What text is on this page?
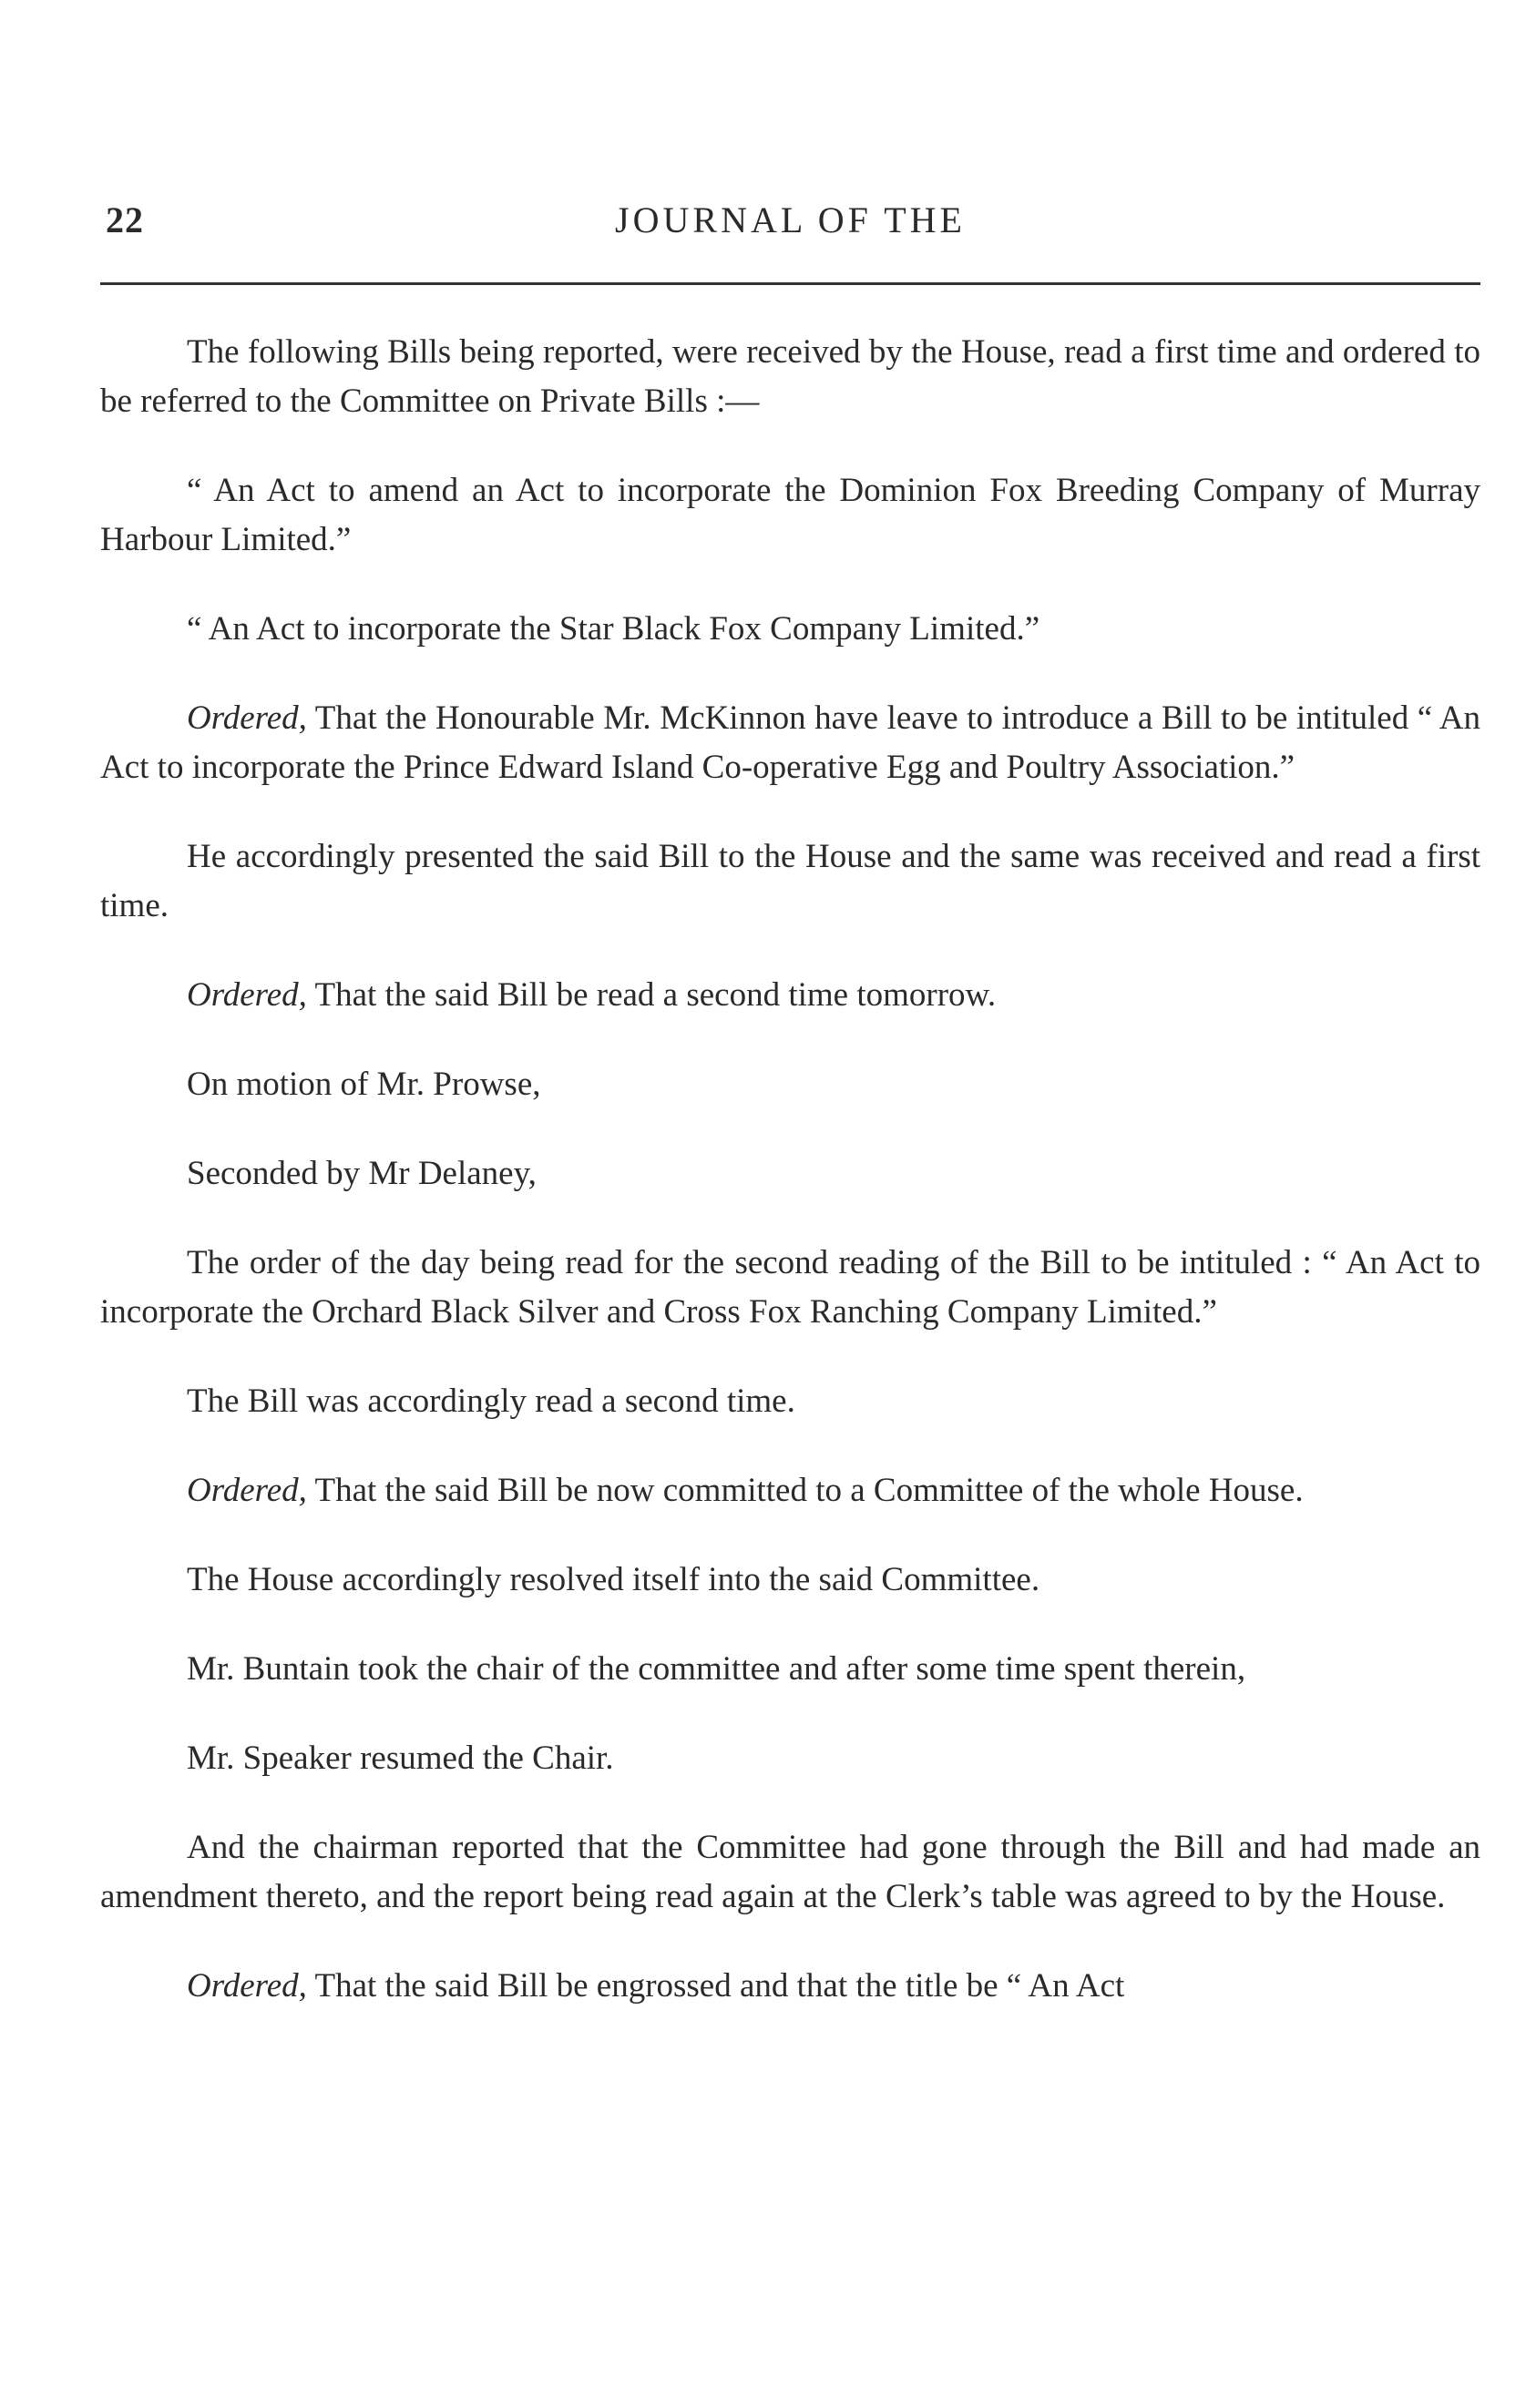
22	JOURNAL OF THE

The following Bills being reported, were received by the House, read a first time and ordered to be referred to the Committee on Private Bills :—

“ An Act to amend an Act to incorporate the Dominion Fox Breeding Company of Murray Harbour Limited.”

“ An Act to incorporate the Star Black Fox Company Limited.”

Ordered, That the Honourable Mr. McKinnon have leave to introduce a Bill to be intituled “ An Act to incorporate the Prince Edward Island Co-operative Egg and Poultry Association.”

He accordingly presented the said Bill to the House and the same was received and read a first time.

Ordered, That the said Bill be read a second time tomorrow.

On motion of Mr. Prowse,

Seconded by Mr Delaney,

The order of the day being read for the second reading of the Bill to be intituled : “ An Act to incorporate the Orchard Black Silver and Cross Fox Ranching Company Limited.”

The Bill was accordingly read a second time.

Ordered, That the said Bill be now committed to a Committee of the whole House.

The House accordingly resolved itself into the said Committee.

Mr. Buntain took the chair of the committee and after some time spent therein,

Mr. Speaker resumed the Chair.

And the chairman reported that the Committee had gone through the Bill and had made an amendment thereto, and the report being read again at the Clerk’s table was agreed to by the House.

Ordered, That the said Bill be engrossed and that the title be “ An Act
